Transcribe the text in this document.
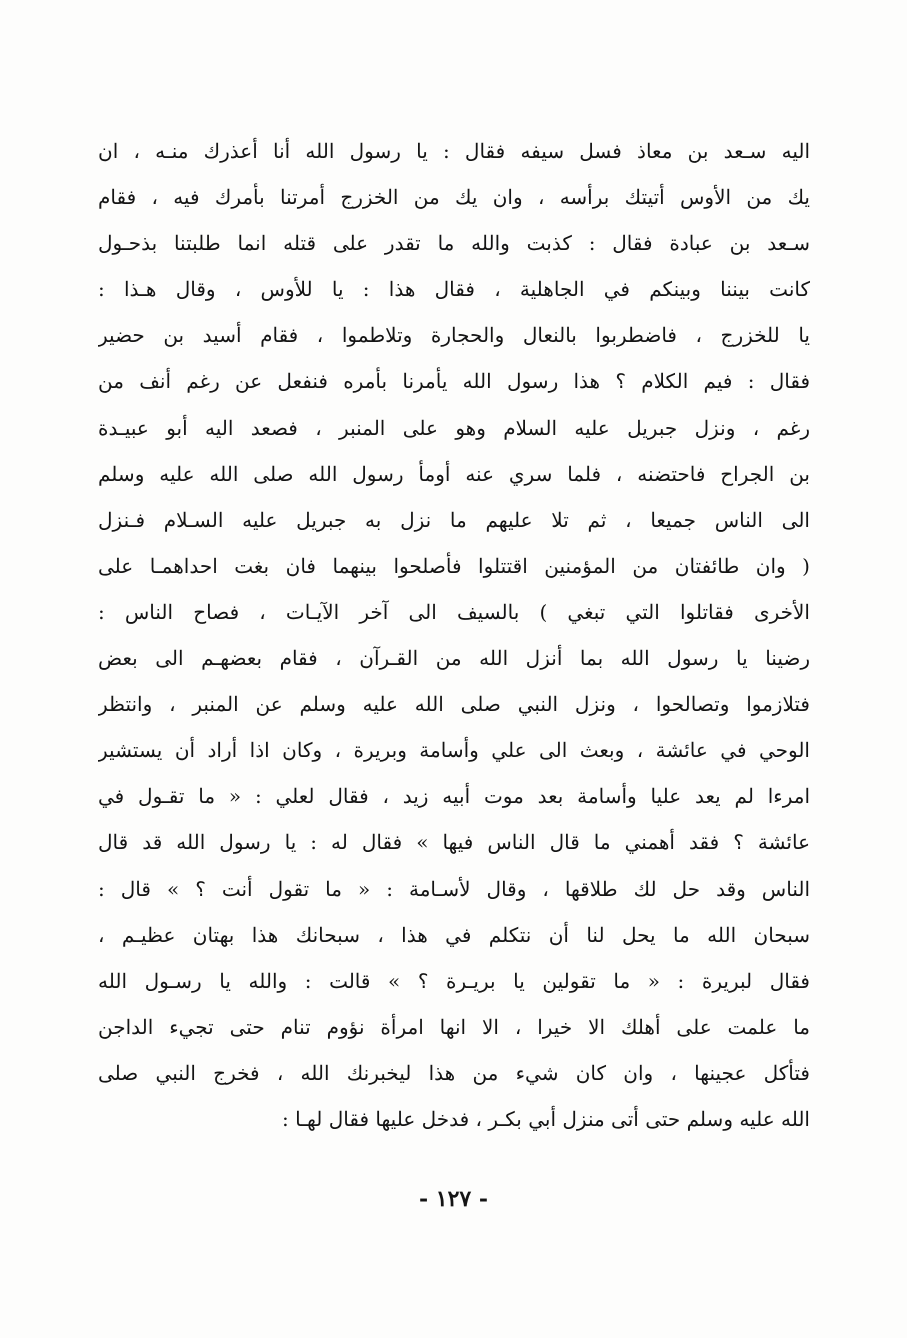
اليه سـعد بن معاذ فسل سيفه فقال : يا رسول الله أنا أعذرك منـه ، ان
يك من الأوس أتيتك برأسه ، وان يك من الخزرج أمرتنا بأمرك فيه ، فقام
سـعد بن عبادة فقال : كذبت والله ما تقدر على قتله انما طلبتنا بذحـول
كانت بيننا وبينكم في الجاهلية ، فقال هذا : يا للأوس ، وقال هـذا :
يا للخزرج ، فاضطربوا بالنعال والحجارة وتلاطموا ، فقام أسيد بن حضير
فقال : فيم الكلام ؟ هذا رسول الله يأمرنا بأمره فنفعل عن رغم أنف من
رغم ، ونزل جبريل عليه السلام وهو على المنبر ، فصعد اليه أبو عبيـدة
بن الجراح فاحتضنه ، فلما سري عنه أومأ رسول الله صلى الله عليه وسلم
الى الناس جميعا ، ثم تلا عليهم ما نزل به جبريل عليه السـلام فـنزل
( وان طائفتان من المؤمنين اقتتلوا فأصلحوا بينهما فان بغت احداهمـا على
الأخرى فقاتلوا التي تبغي ) بالسيف الى آخر الآيـات ، فصاح الناس :
رضينا يا رسول الله بما أنزل الله من القـرآن ، فقام بعضهـم الى بعض
فتلازموا وتصالحوا ، ونزل النبي صلى الله عليه وسلم عن المنبر ، وانتظر
الوحي في عائشة ، وبعث الى علي وأسامة وبريرة ، وكان اذا أراد أن يستشير
امرءا لم يعد عليا وأسامة بعد موت أبيه زيد ، فقال لعلي : « ما تقـول في
عائشة ؟ فقد أهمني ما قال الناس فيها » فقال له : يا رسول الله قد قال
الناس وقد حل لك طلاقها ، وقال لأسـامة : « ما تقول أنت ؟ » قال :
سبحان الله ما يحل لنا أن نتكلم في هذا ، سبحانك هذا بهتان عظيـم ،
فقال لبريرة : « ما تقولين يا بريـرة ؟ » قالت : والله يا رسـول الله
ما علمت على أهلك الا خيرا ، الا انها امرأة نؤوم تنام حتى تجيء الداجن
فتأكل عجينها ، وان كان شيء من هذا ليخبرنك الله ، فخرج النبي صلى
الله عليه وسلم حتى أتى منزل أبي بكـر ، فدخل عليها فقال لهـا :
- ١٢٧ -
